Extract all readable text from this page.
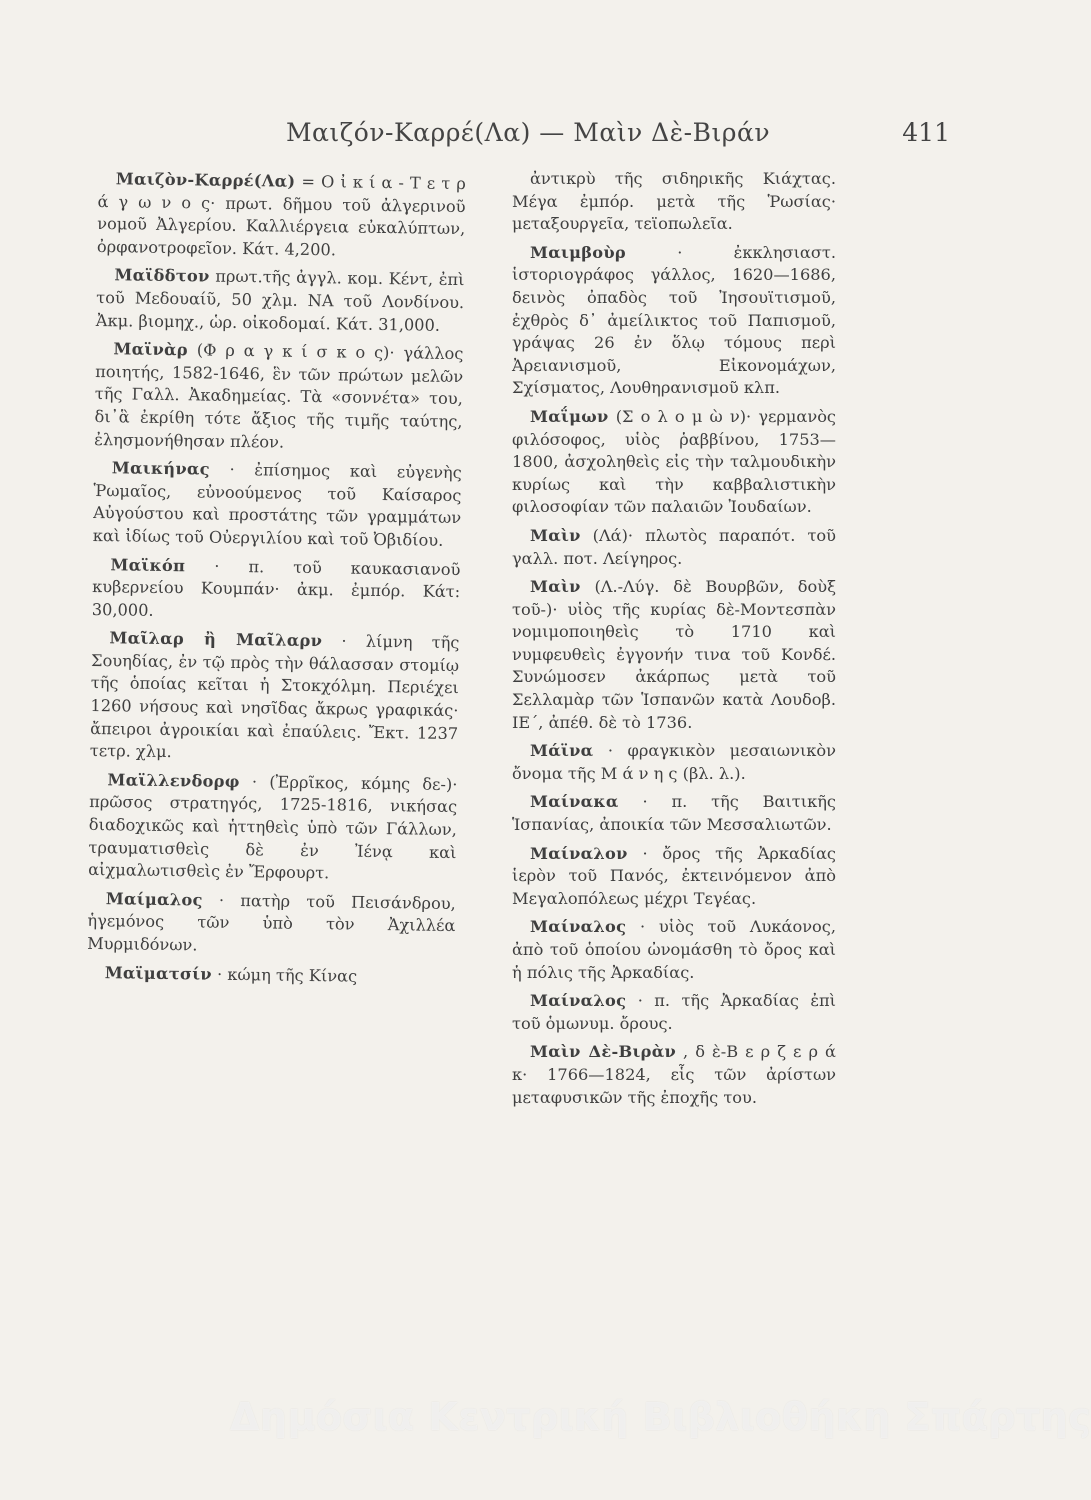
Μαιζόν-Καρρέ(Λα) — Μαὶν Δὲ-Βιράν	411

Μαιζὸν-Καρρέ(Λα) = Ο ἰ κ ί α - Τ ε τ ρ ά γ ω ν ο ς· πρωτ. δῆμου τοῦ ἀλγερινοῦ νομοῦ Ἀλγερίου. Καλλιέργεια εὐκαλύπτων, ὀρφανοτροφεῖον. Κάτ. 4,200.

Μαϊδδτον πρωτ.τῆς ἀγγλ. κομ. Κέντ, ἐπὶ τοῦ Μεδουαίῦ, 50 χλμ. ΝΑ τοῦ Λονδίνου. Ἀκμ. βιομηχ., ὡρ. οἰκοδομαί. Κάτ. 31,000.

Μαϊνὰρ (Φ ρ α γ κ ί σ κ ο ς)· γάλλος ποιητής, 1582-1646, ἓν τῶν πρώτων μελῶν τῆς Γαλλ. Ἀκαδημείας. Τὰ «σοννέτα» του, δι᾽ἃ ἐκρίθη τότε ἄξιος τῆς τιμῆς ταύτης, ἐλησμονήθησαν πλέον.

Μαικήνας · ἐπίσημος καὶ εὐγενὴς Ῥωμαῖος, εὐνοούμενος τοῦ Καίσαρος Αὐγούστου καὶ προστάτης τῶν γραμμάτων καὶ ἰδίως τοῦ Οὐεργιλίου καὶ τοῦ Ὀβιδίου.

Μαϊκόπ · π. τοῦ καυκασιανοῦ κυβερνείου Κουμπάν· ἀκμ. ἐμπόρ. Κάτ: 30,000.

Μαῖλαρ ἢ Μαῖλαρν · λίμνη τῆς Σουηδίας, ἐν τῷ πρὸς τὴν θάλασσαν στομίῳ τῆς ὁποίας κεῖται ἡ Στοκχόλμη. Περιέχει 1260 νήσους καὶ νησῖδας ἄκρως γραφικάς· ἄπειροι ἀγροικίαι καὶ ἐπαύλεις. Ἔκτ. 1237 τετρ. χλμ.

Μαϊλλενδορφ · (Ἐρρῖκος, κόμης δε-)· πρῶσος στρατηγός, 1725-1816, νικήσας διαδοχικῶς καὶ ἡττηθεὶς ὑπὸ τῶν Γάλλων, τραυματισθεὶς δὲ ἐν Ἰένᾳ καὶ αἰχμαλωτισθεὶς ἐν Ἔρφουρτ.

Μαίμαλος · πατὴρ τοῦ Πεισάνδρου, ἡγεμόνος τῶν ὑπὸ τὸν Ἀχιλλέα Μυρμιδόνων.

Μαϊματσίν · κώμη τῆς Κίνας

ἀντικρὺ τῆς σιδηρικῆς Κιάχτας. Μέγα ἐμπόρ. μετὰ τῆς Ῥωσίας· μεταξουργεῖα, τεϊοπωλεῖα.

Μαιμβοὺρ	· ἐκκλησιαστ. ἱστοριογράφος γάλλος, 1620—1686, δεινὸς ὀπαδὸς τοῦ Ἰησουϊτισμοῦ, ἐχθρὸς δ᾽ ἀμείλικτος τοῦ Παπισμοῦ, γράψας 26 ἐν ὅλῳ τόμους περὶ Ἀρειανισμοῦ, Εἰκονομάχων, Σχίσματος, Λουθηρανισμοῦ κλπ.

Μαΐμων (Σ ο λ ο μ ὼ ν)· γερμανὸς φιλόσοφος, υἱὸς ῥαββίνου, 1753—1800, ἀσχοληθεὶς εἰς τὴν ταλμουδικὴν κυρίως καὶ τὴν καββαλιστικὴν φιλοσοφίαν τῶν παλαιῶν Ἰουδαίων.

Μαὶν (Λά)· πλωτὸς παραπότ. τοῦ γαλλ. ποτ. Λείγηρος.

Μαὶν (Λ.-Λύγ. δὲ Βουρβῶν, δοὺξ τοῦ-)· υἱὸς τῆς κυρίας δὲ-Μοντεσπὰν νομιμοποιηθεὶς τὸ 1710 καὶ νυμφευθεὶς ἐγγονήν τινα τοῦ Κονδέ. Συνώμοσεν ἀκάρπως μετὰ τοῦ Σελλαμὰρ τῶν Ἱσπανῶν κατὰ Λουδοβ. ΙΕ΄, ἀπέθ. δὲ τὸ 1736.

Μάϊνα · φραγκικὸν μεσαιωνικὸν ὄνομα τῆς Μ ά ν η ς (βλ. λ.).

Μαίνακα · π. τῆς Βαιτικῆς Ἱσπανίας, ἀποικία τῶν Μεσσαλιωτῶν.

Μαίναλον · ὄρος τῆς Ἀρκαδίας ἱερὸν τοῦ Πανός, ἐκτεινόμενον ἀπὸ Μεγαλοπόλεως μέχρι Τεγέας.

Μαίναλος · υἱὸς τοῦ Λυκάονος, ἀπὸ τοῦ ὁποίου ὠνομάσθη τὸ ὄρος καὶ ἡ πόλις τῆς Ἀρκαδίας.

Μαίναλος · π. τῆς Ἀρκαδίας ἐπὶ τοῦ ὁμωνυμ. ὄρους.

Μαὶν Δὲ-Βιρὰν , δ ὲ-Β ε ρ ζ ε ρ ά κ· 1766—1824, εἷς τῶν ἀρίστων μεταφυσικῶν τῆς ἐποχῆς του.

Δημόσια Κεντρική Βιβλιοθήκη Σπάρτης
